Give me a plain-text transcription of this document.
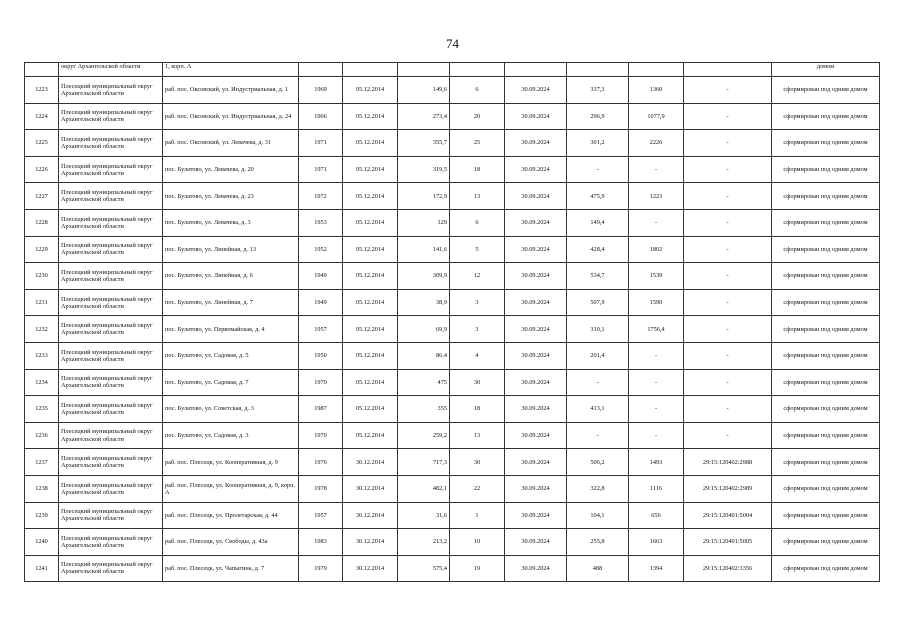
74
	округ Архангельской области	1, корп. А									домом
1223	Плесецкий муниципальный округ Архангельской области	раб. пос. Оксовский, ул. Индустриальная, д. 1	1969	05.12.2014	149,6	6	30.09.2024	337,3	1360	-	сформирован под одним домом
1224	Плесецкий муниципальный округ Архангельской области	раб. пос. Оксовский, ул. Индустриальная, д. 24	1966	05.12.2014	273,4	20	30.09.2024	296,9	1077,9	-	сформирован под одним домом
1225	Плесецкий муниципальный округ Архангельской области	раб. пос. Оксовский, ул. Левачева, д. 31	1971	05.12.2014	355,7	25	30.09.2024	301,2	2226	-	сформирован под одним домом
1226	Плесецкий муниципальный округ Архангельской области	пос. Булатово, ул. Левачева, д. 20	1971	05.12.2014	319,5	18	30.09.2024	-	-	-	сформирован под одним домом
1227	Плесецкий муниципальный округ Архангельской области	пос. Булатово, ул. Левачева, д. 23	1972	05.12.2014	172,9	13	30.09.2024	475,9	1223	-	сформирован под одним домом
1228	Плесецкий муниципальный округ Архангельской области	пос. Булатово, ул. Левачева, д. 3	1953	05.12.2014	129	6	30.09.2024	149,4	-	-	сформирован под одним домом
1229	Плесецкий муниципальный округ Архангельской области	пос. Булатово, ул. Линейная, д. 13	1952	05.12.2014	141,6	5	30.09.2024	428,4	1802	-	сформирован под одним домом
1230	Плесецкий муниципальный округ Архангельской области	пос. Булатово, ул. Линейная, д. 6	1949	05.12.2014	309,9	12	30.09.2024	534,7	1539	-	сформирован под одним домом
1231	Плесецкий муниципальный округ Архангельской области	пос. Булатово, ул. Линейная, д. 7	1949	05.12.2014	38,9	3	30.09.2024	507,9	1590	-	сформирован под одним домом
1232	Плесецкий муниципальный округ Архангельской области	пос. Булатово, ул. Первомайская, д. 4	1957	05.12.2014	69,9	3	30.09.2024	310,1	1756,4	-	сформирован под одним домом
1233	Плесецкий муниципальный округ Архангельской области	пос. Булатово, ул. Садовая, д. 5	1950	05.12.2014	86,4	4	30.09.2024	201,4	-	-	сформирован под одним домом
1234	Плесецкий муниципальный округ Архангельской области	пос. Булатово, ул. Садовая, д. 7	1970	05.12.2014	475	30	30.09.2024	-	-	-	сформирован под одним домом
1235	Плесецкий муниципальный округ Архангельской области	пос. Булатово, ул. Советская, д. 3	1987	05.12.2014	355	18	30.09.2024	413,1	-	-	сформирован под одним домом
1236	Плесецкий муниципальный округ Архангельской области	пос. Булатово, ул. Садовая, д. 3	1970	05.12.2014	259,2	13	30.09.2024	-	-	-	сформирован под одним домом
1237	Плесецкий муниципальный округ Архангельской области	раб. пос. Плесецк, ул. Кооперативная, д. 9	1976	30.12.2014	717,3	30	30.09.2024	506,2	1493	29:15:120402:2988	сформирован под одним домом
1238	Плесецкий муниципальный округ Архангельской области	раб. пос. Плесецк, ул. Кооперативная, д. 9, корп. А	1978	30.12.2014	482,1	22	30.09.2024	322,8	1116	29:15:120402:2989	сформирован под одним домом
1239	Плесецкий муниципальный округ Архангельской области	раб. пос. Плесецк, ул. Пролетарская, д. 44	1957	30.12.2014	31,6	1	30.09.2024	104,1	656	29:15:120401:5004	сформирован под одним домом
1240	Плесецкий муниципальный округ Архангельской области	раб. пос. Плесецк, ул. Свободы, д. 43а	1983	30.12.2014	213,2	10	30.09.2024	255,8	1663	29:15:120401:5005	сформирован под одним домом
1241	Плесецкий муниципальный округ Архангельской области	раб. пос. Плесецк, ул. Чапыгина, д. 7	1979	30.12.2014	575,4	19	30.09.2024	488	1394	29:15:120402:3356	сформирован под одним домом
